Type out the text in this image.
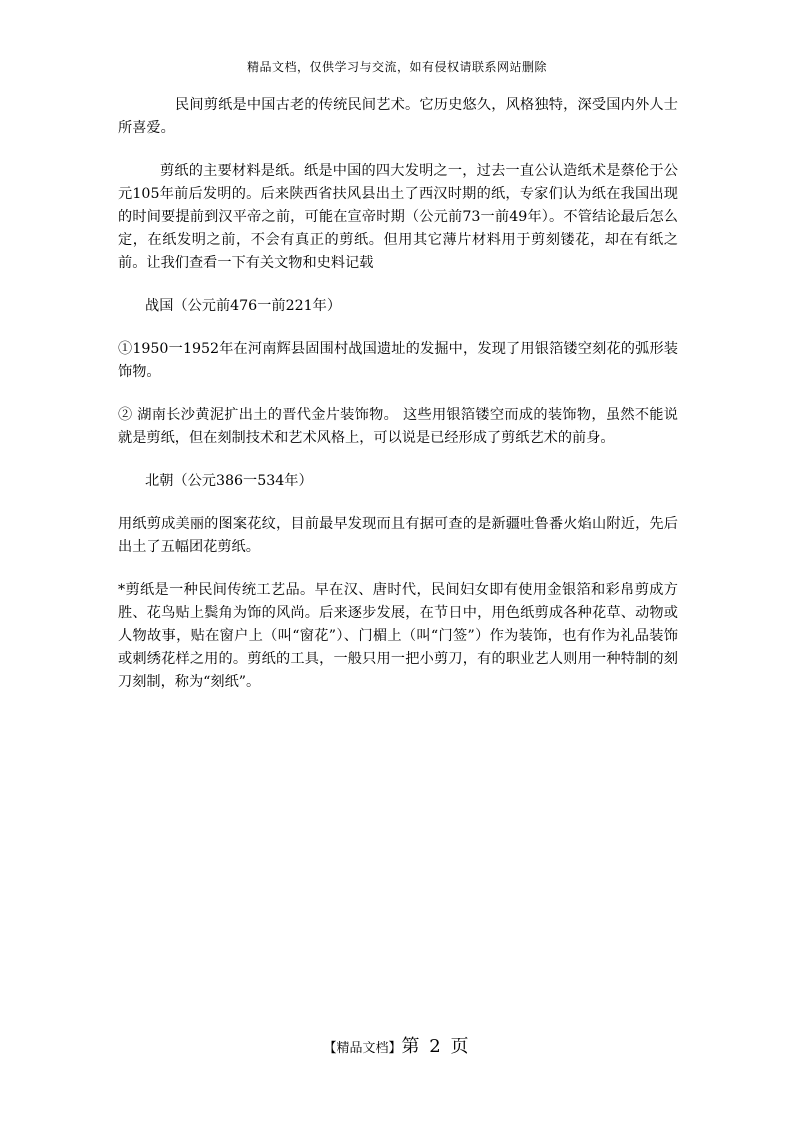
精品文档，仅供学习与交流，如有侵权请联系网站删除

民间剪纸是中国古老的传统民间艺术。它历史悠久，风格独特，深受国内外人士所喜爱。

剪纸的主要材料是纸。纸是中国的四大发明之一，过去一直公认造纸术是蔡伦于公元105年前后发明的。后来陕西省扶风县出土了西汉时期的纸，专家们认为纸在我国出现的时间要提前到汉平帝之前，可能在宣帝时期（公元前73一前49年）。不管结论最后怎么定，在纸发明之前，不会有真正的剪纸。但用其它薄片材料用于剪刻镂花，却在有纸之前。让我们查看一下有关文物和史料记载

战国（公元前476一前221年）

①1950一1952年在河南辉县固围村战国遗址的发掘中，发现了用银箔镂空刻花的弧形装饰物。

② 湖南长沙黄泥扩出土的晋代金片装饰物。 这些用银箔镂空而成的装饰物，虽然不能说就是剪纸，但在刻制技术和艺术风格上，可以说是已经形成了剪纸艺术的前身。

北朝（公元386一534年）

用纸剪成美丽的图案花纹，目前最早发现而且有据可查的是新疆吐鲁番火焰山附近，先后出土了五幅团花剪纸。

*剪纸是一种民间传统工艺品。早在汉、唐时代，民间妇女即有使用金银箔和彩帛剪成方胜、花鸟贴上鬓角为饰的风尚。后来逐步发展，在节日中，用色纸剪成各种花草、动物或人物故事，贴在窗户上（叫“窗花”）、门楣上（叫“门签”）作为装饰，也有作为礼品装饰或刺绣花样之用的。剪纸的工具，一般只用一把小剪刀，有的职业艺人则用一种特制的刻刀刻制，称为“刻纸”。

【精品文档】第 2 页
